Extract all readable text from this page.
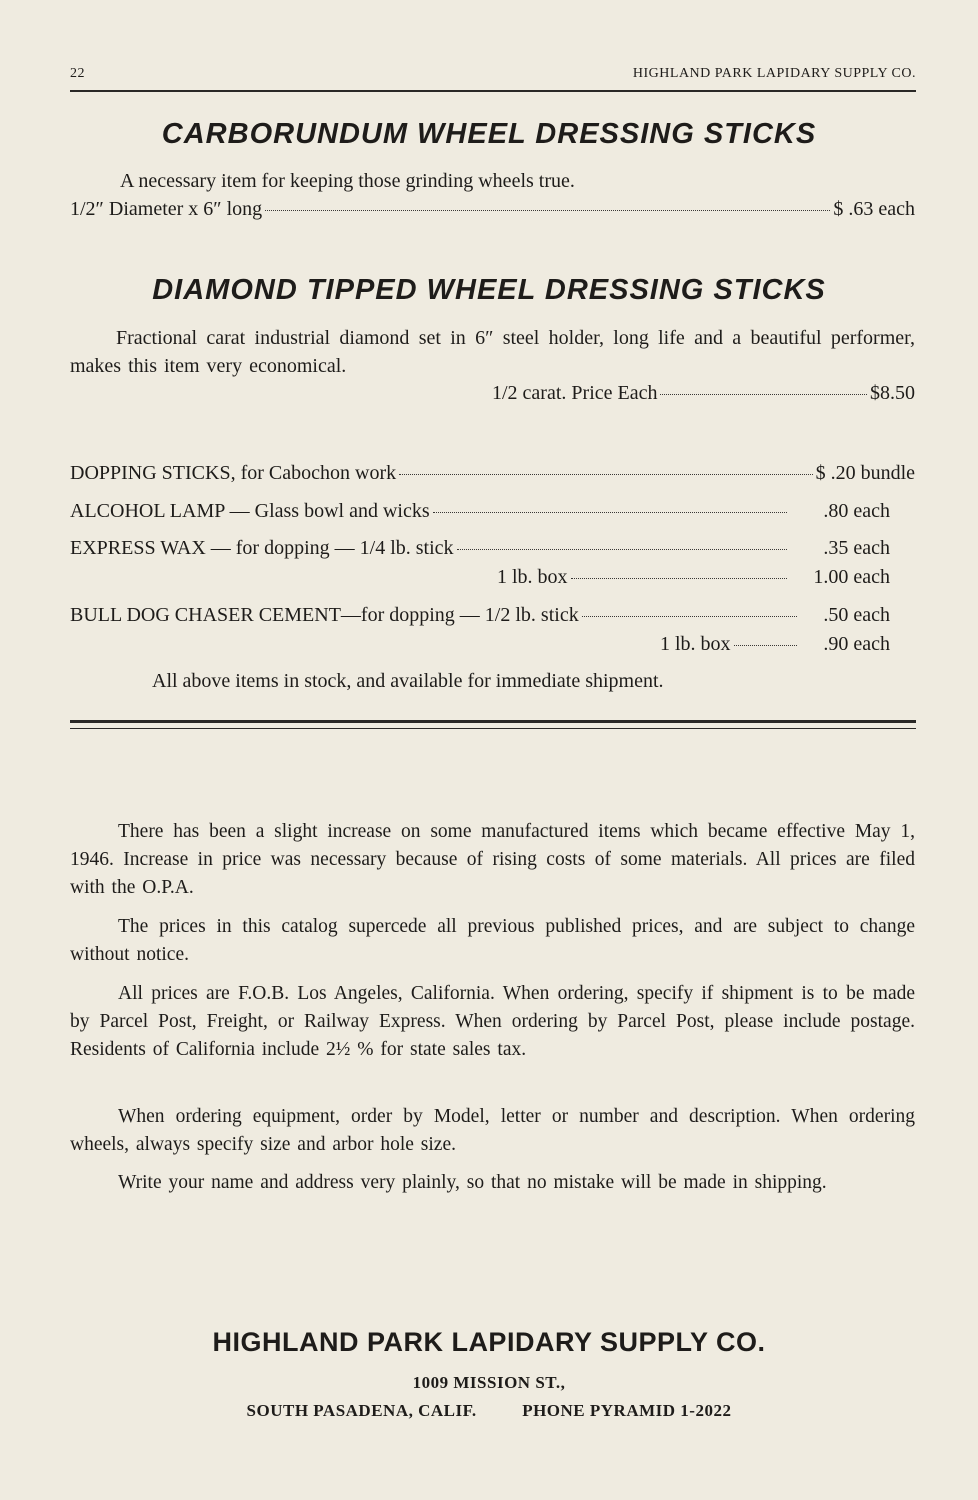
22	HIGHLAND PARK LAPIDARY SUPPLY CO.
CARBORUNDUM WHEEL DRESSING STICKS
A necessary item for keeping those grinding wheels true.
1/2″ Diameter x 6″ long	$ .63 each
DIAMOND TIPPED WHEEL DRESSING STICKS
Fractional carat industrial diamond set in 6″ steel holder, long life and a beautiful performer, makes this item very economical.
1/2 carat. Price Each	$8.50
DOPPING STICKS, for Cabochon work	$ .20 bundle
ALCOHOL LAMP — Glass bowl and wicks	.80 each
EXPRESS WAX — for dopping — 1/4 lb. stick	.35 each
1 lb. box	1.00 each
BULL DOG CHASER CEMENT—for dopping — 1/2 lb. stick	.50 each
1 lb. box	.90 each
All above items in stock, and available for immediate shipment.
There has been a slight increase on some manufactured items which became effective May 1, 1946. Increase in price was necessary because of rising costs of some materials. All prices are filed with the O.P.A.
The prices in this catalog supercede all previous published prices, and are subject to change without notice.
All prices are F.O.B. Los Angeles, California. When ordering, specify if shipment is to be made by Parcel Post, Freight, or Railway Express. When ordering by Parcel Post, please include postage. Residents of California include 2½ % for state sales tax.
When ordering equipment, order by Model, letter or number and description. When ordering wheels, always specify size and arbor hole size.
Write your name and address very plainly, so that no mistake will be made in shipping.
HIGHLAND PARK LAPIDARY SUPPLY CO.
1009 MISSION ST.,
SOUTH PASADENA, CALIF.	PHONE PYRAMID 1-2022
